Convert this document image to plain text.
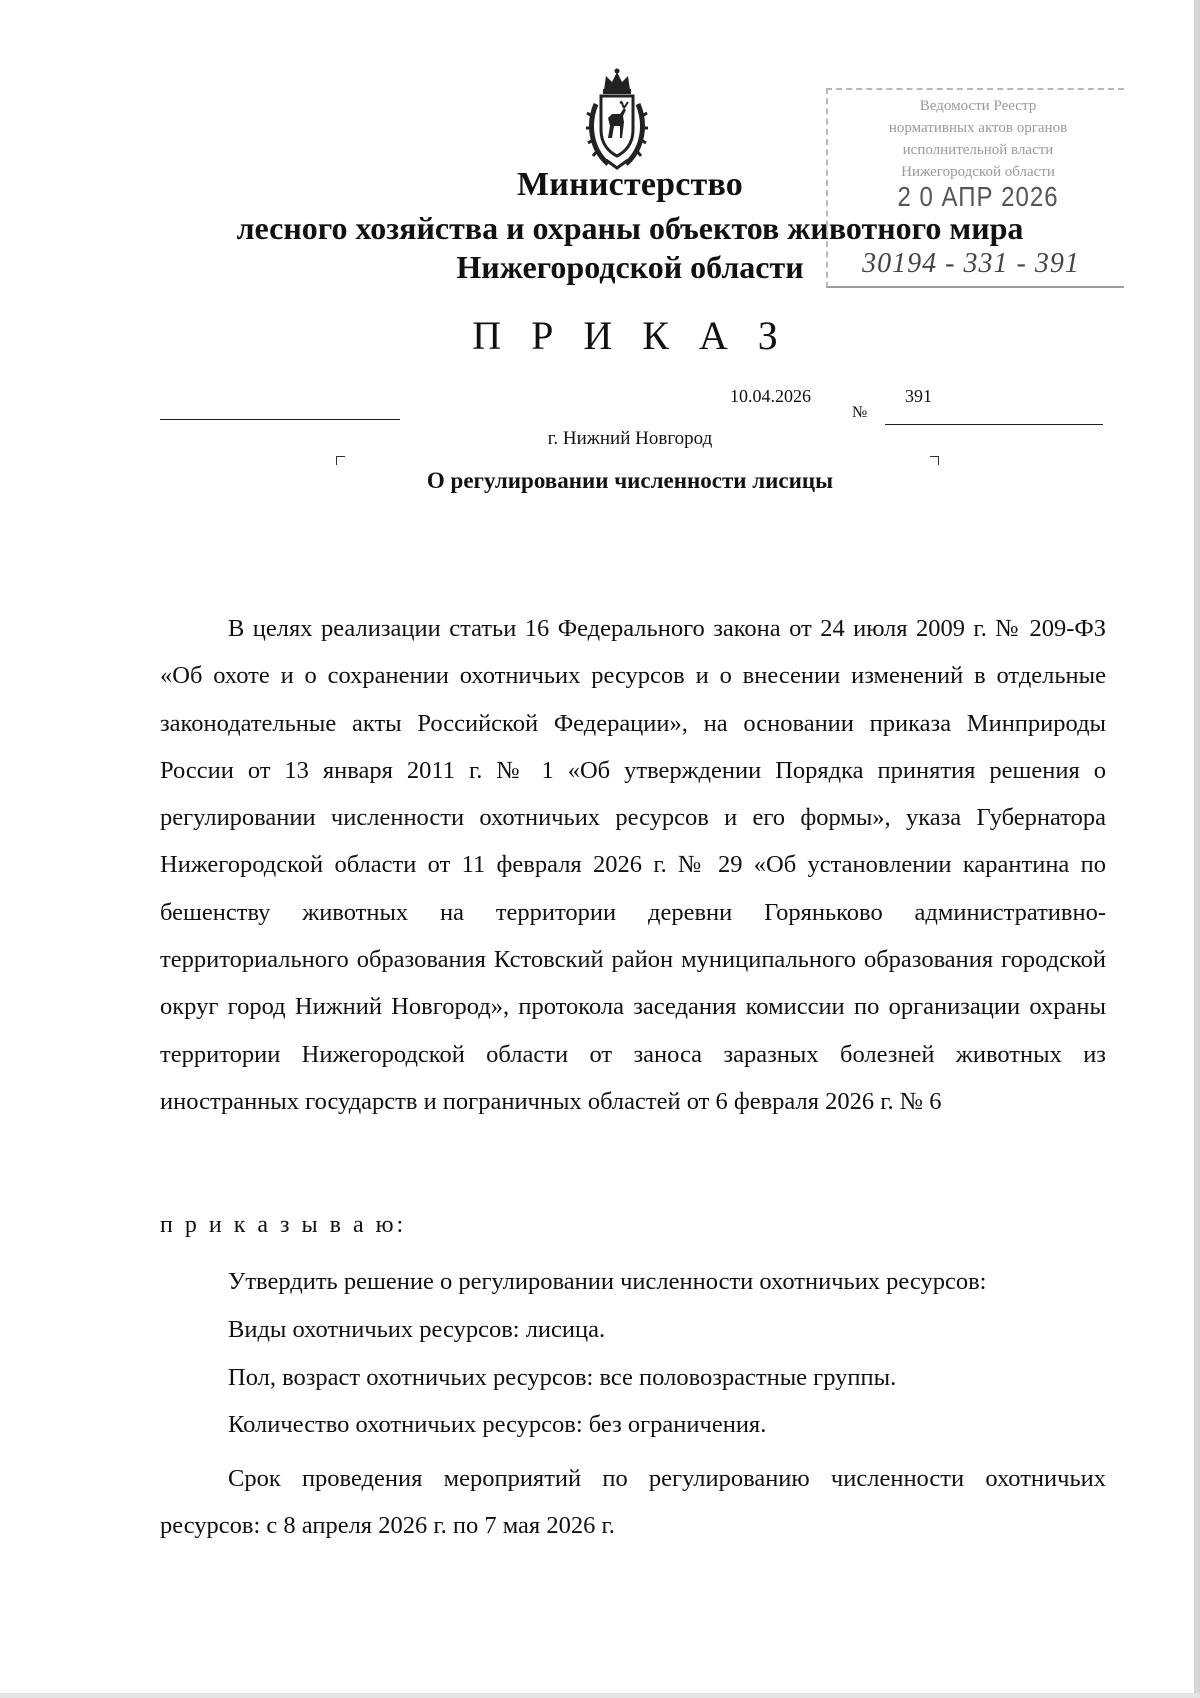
Министерство
лесного хозяйства и охраны объектов животного мира
Нижегородской области
Ведомости Реестр
нормативных актов органов
исполнительной власти
Нижегородской области
2 0 АПР 2026
30194 - 331 - 391
П Р И К А З
10.04.2026
№
391
г. Нижний Новгород
О регулировании численности лисицы

В целях реализации статьи 16 Федерального закона от 24 июля 2009 г. № 209-ФЗ «Об охоте и о сохранении охотничьих ресурсов и о внесении изменений в отдельные законодательные акты Российской Федерации», на основании приказа Минприроды России от 13 января 2011 г. № 1 «Об утверждении Порядка принятия решения о регулировании численности охотничьих ресурсов и его формы», указа Губернатора Нижегородской области от 11 февраля 2026 г. № 29 «Об установлении карантина по бешенству животных на территории деревни Горяньково административно-территориального образования Кстовский район муниципального образования городской округ город Нижний Новгород», протокола заседания комиссии по организации охраны территории Нижегородской области от заноса заразных болезней животных из иностранных государств и пограничных областей от 6 февраля 2026 г. № 6

п р и к а з ы в а ю:

Утвердить решение о регулировании численности охотничьих ресурсов:

Виды охотничьих ресурсов: лисица.

Пол, возраст охотничьих ресурсов: все половозрастные группы.

Количество охотничьих ресурсов: без ограничения.

Срок проведения мероприятий по регулированию численности охотничьих ресурсов: с 8 апреля 2026 г. по 7 мая 2026 г.
